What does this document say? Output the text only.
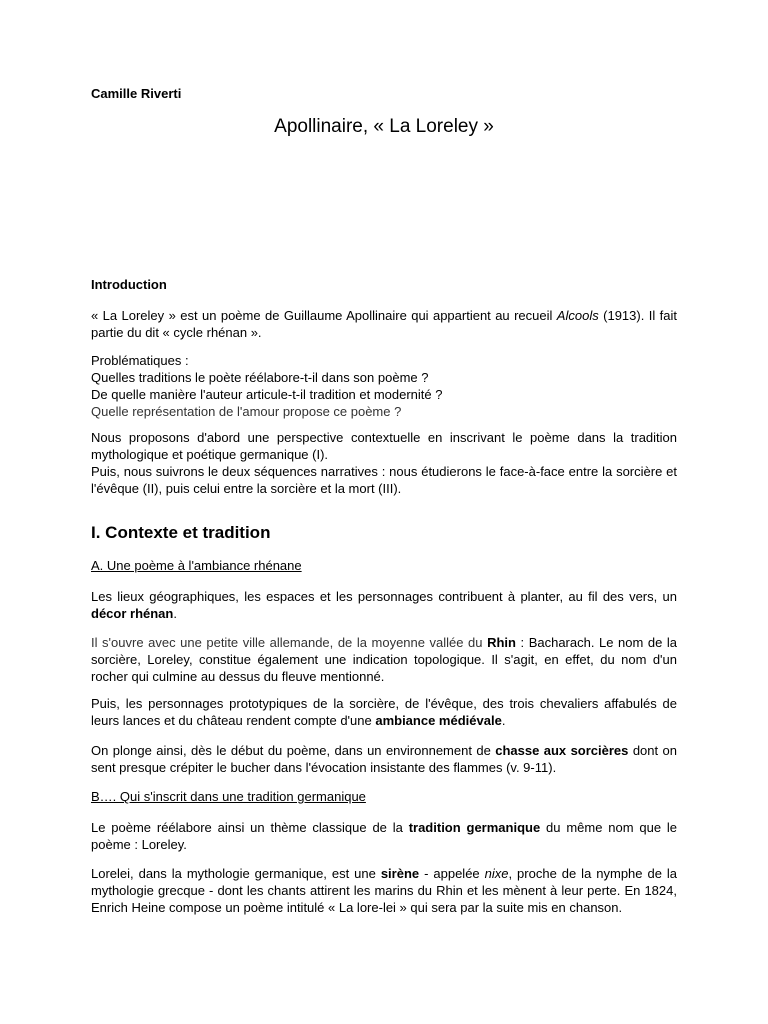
Camille Riverti
Apollinaire, « La Loreley »
Introduction

« La Loreley » est un poème de Guillaume Apollinaire qui appartient au recueil Alcools (1913). Il fait partie du dit « cycle rhénan ».

Problématiques :

Quelles traditions le poète réélabore-t-il dans son poème ?

De quelle manière l'auteur articule-t-il tradition et modernité ?

Quelle représentation de l'amour propose ce poème ?

Nous proposons d'abord une perspective contextuelle en inscrivant le poème dans la tradition mythologique et poétique germanique (I).

Puis, nous suivrons le deux séquences narratives : nous étudierons le face-à-face entre la sorcière et l'évêque (II), puis celui entre la sorcière et la mort (III).

I. Contexte et tradition
A. Une poème à l'ambiance rhénane

Les lieux géographiques, les espaces et les personnages contribuent à planter, au fil des vers, un décor rhénan.

Il s'ouvre avec une petite ville allemande, de la moyenne vallée du Rhin : Bacharach. Le nom de la sorcière, Loreley, constitue également une indication topologique. Il s'agit, en effet, du nom d'un rocher qui culmine au dessus du fleuve mentionné.

Puis, les personnages prototypiques de la sorcière, de l'évêque, des trois chevaliers affabulés de leurs lances et du château rendent compte d'une ambiance médiévale.

On plonge ainsi, dès le début du poème, dans un environnement de chasse aux sorcières dont on sent presque crépiter le bucher dans l'évocation insistante des flammes (v. 9-11).

B…. Qui s'inscrit dans une tradition germanique

Le poème réélabore ainsi un thème classique de la tradition germanique du même nom que le poème : Loreley.

Lorelei, dans la mythologie germanique, est une sirène - appelée nixe, proche de la nymphe de la mythologie grecque - dont les chants attirent les marins du Rhin et les mènent à leur perte. En 1824, Enrich Heine compose un poème intitulé « La lore-lei » qui sera par la suite mis en chanson.
